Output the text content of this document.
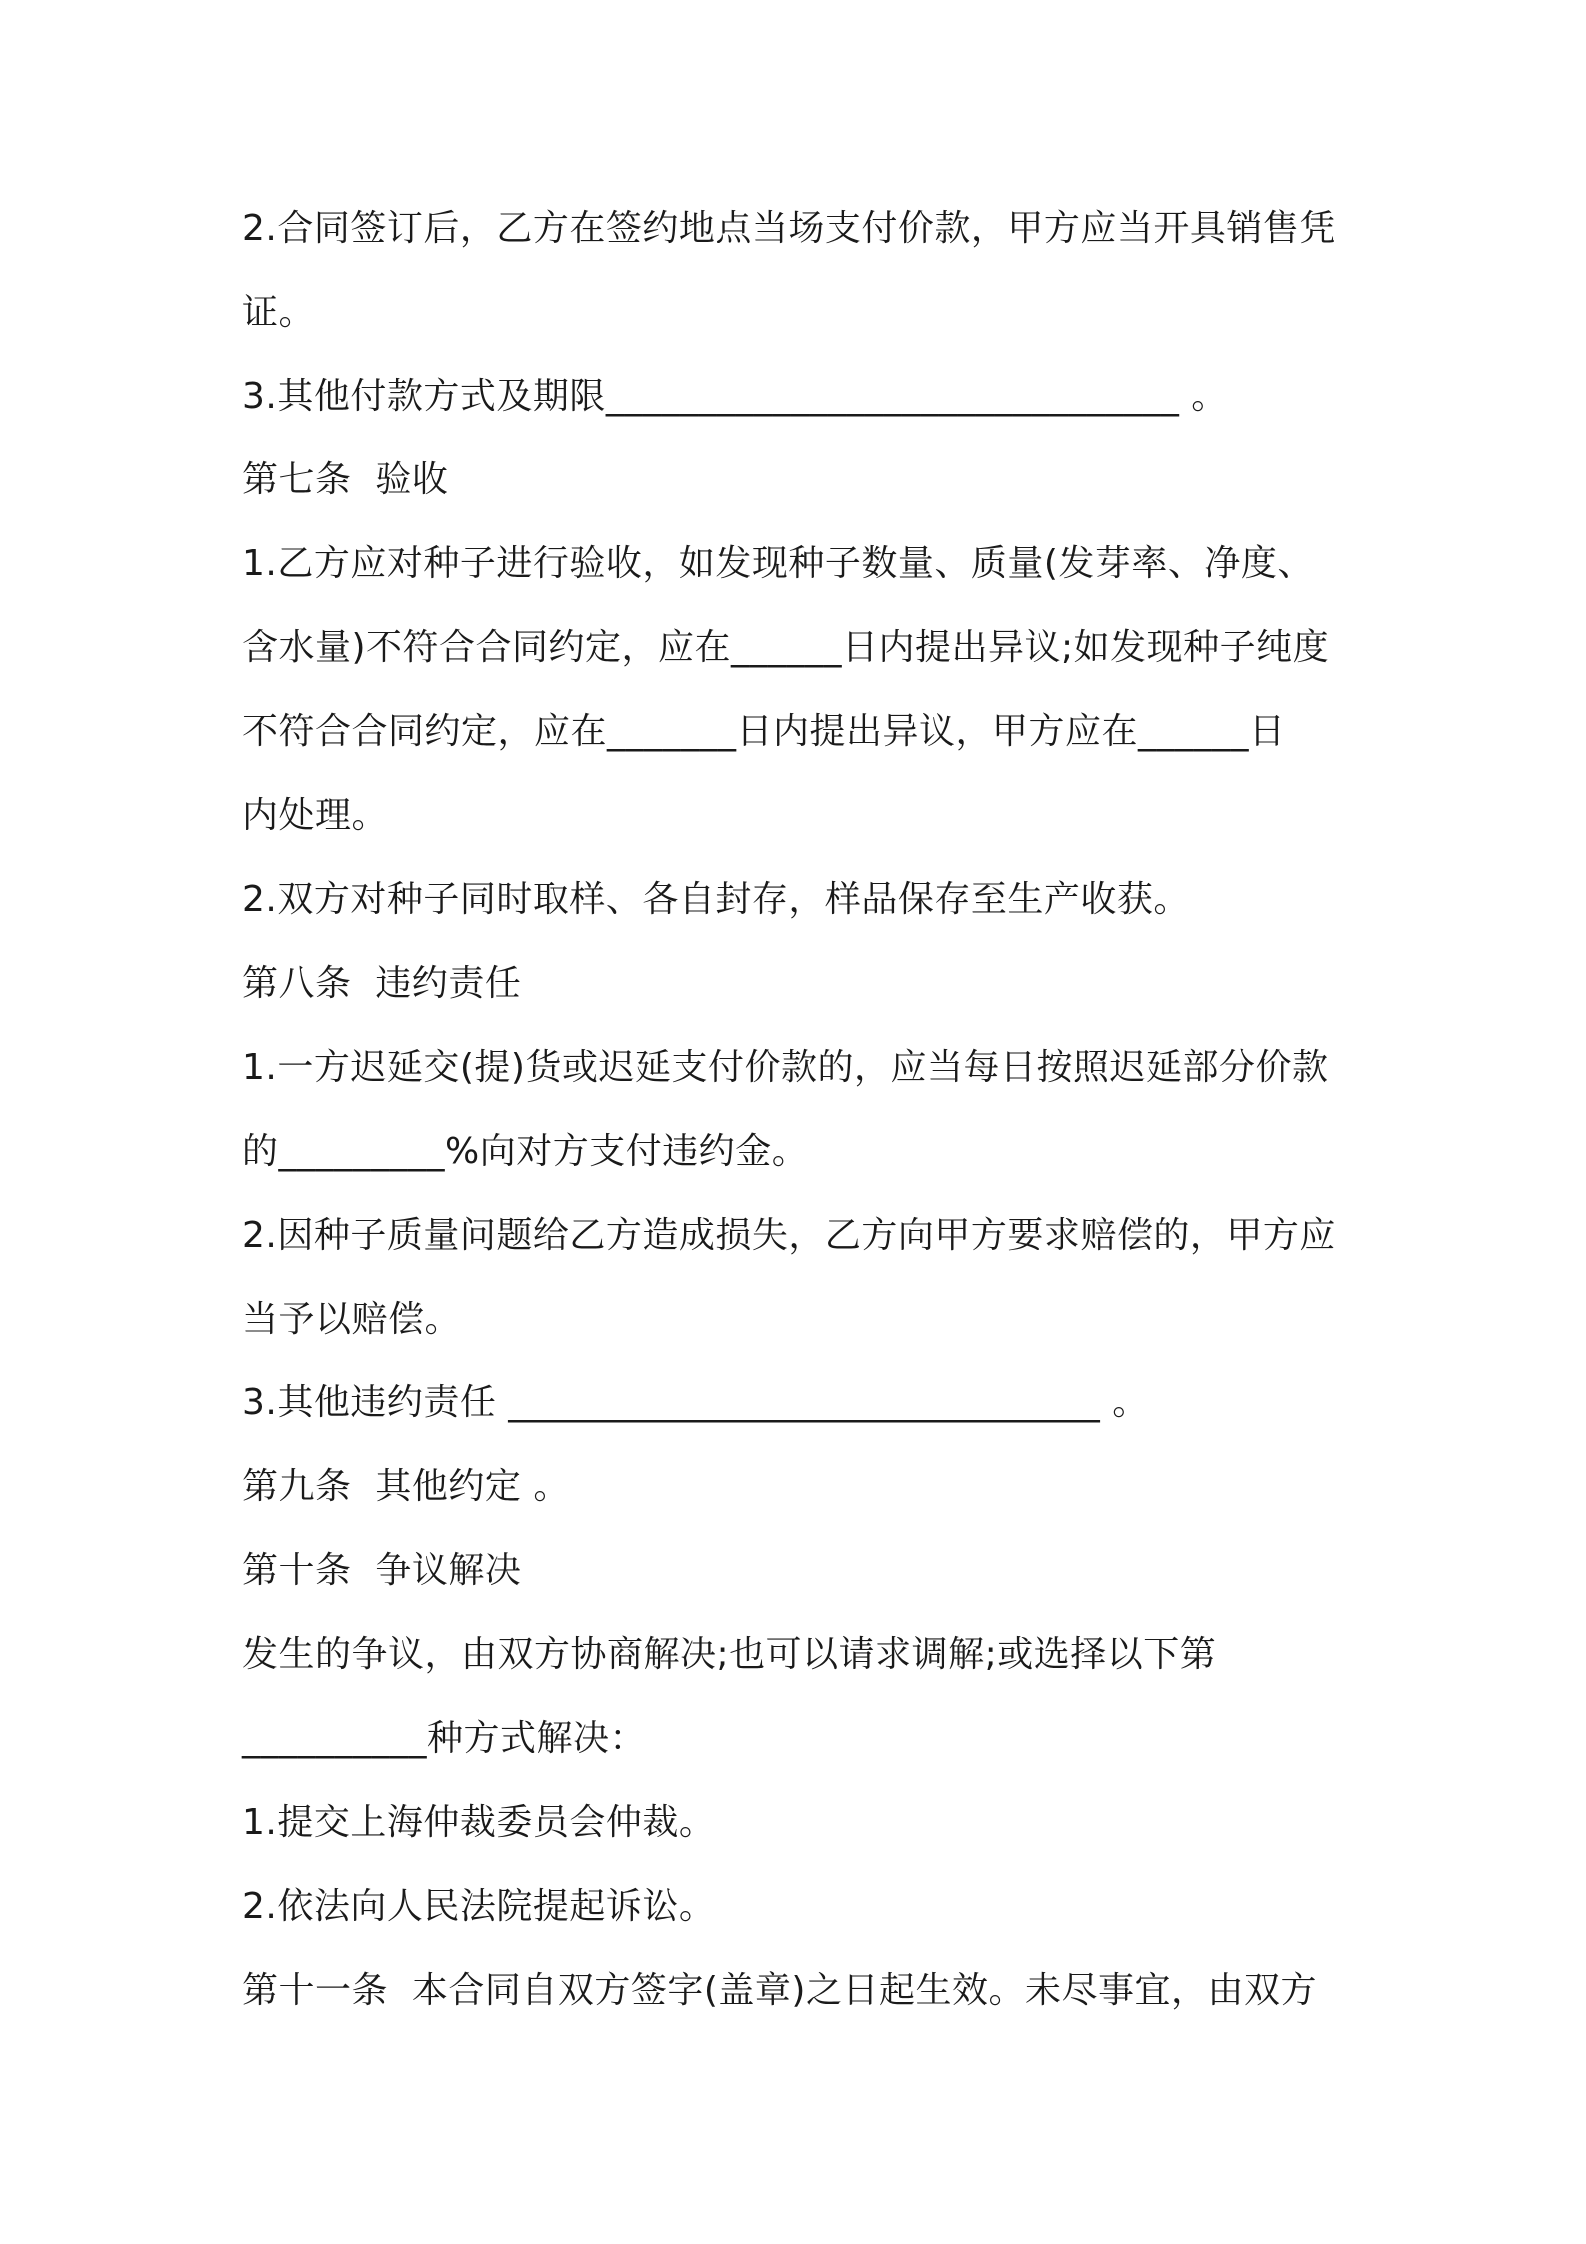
2.合同签订后，乙方在签约地点当场支付价款，甲方应当开具销售凭

证。

3.其他付款方式及期限_______________________________ 。

第七条  验收

1.乙方应对种子进行验收，如发现种子数量、质量(发芽率、净度、

含水量)不符合合同约定，应在______日内提出异议;如发现种子纯度

不符合合同约定，应在_______日内提出异议，甲方应在______日

内处理。

2.双方对种子同时取样、各自封存，样品保存至生产收获。

第八条  违约责任

1.一方迟延交(提)货或迟延支付价款的，应当每日按照迟延部分价款

的_________%向对方支付违约金。

2.因种子质量问题给乙方造成损失，乙方向甲方要求赔偿的，甲方应

当予以赔偿。

3.其他违约责任 ________________________________ 。

第九条  其他约定 。

第十条  争议解决

发生的争议，由双方协商解决;也可以请求调解;或选择以下第

__________种方式解决：

1.提交上海仲裁委员会仲裁。

2.依法向人民法院提起诉讼。

第十一条  本合同自双方签字(盖章)之日起生效。未尽事宜，由双方
